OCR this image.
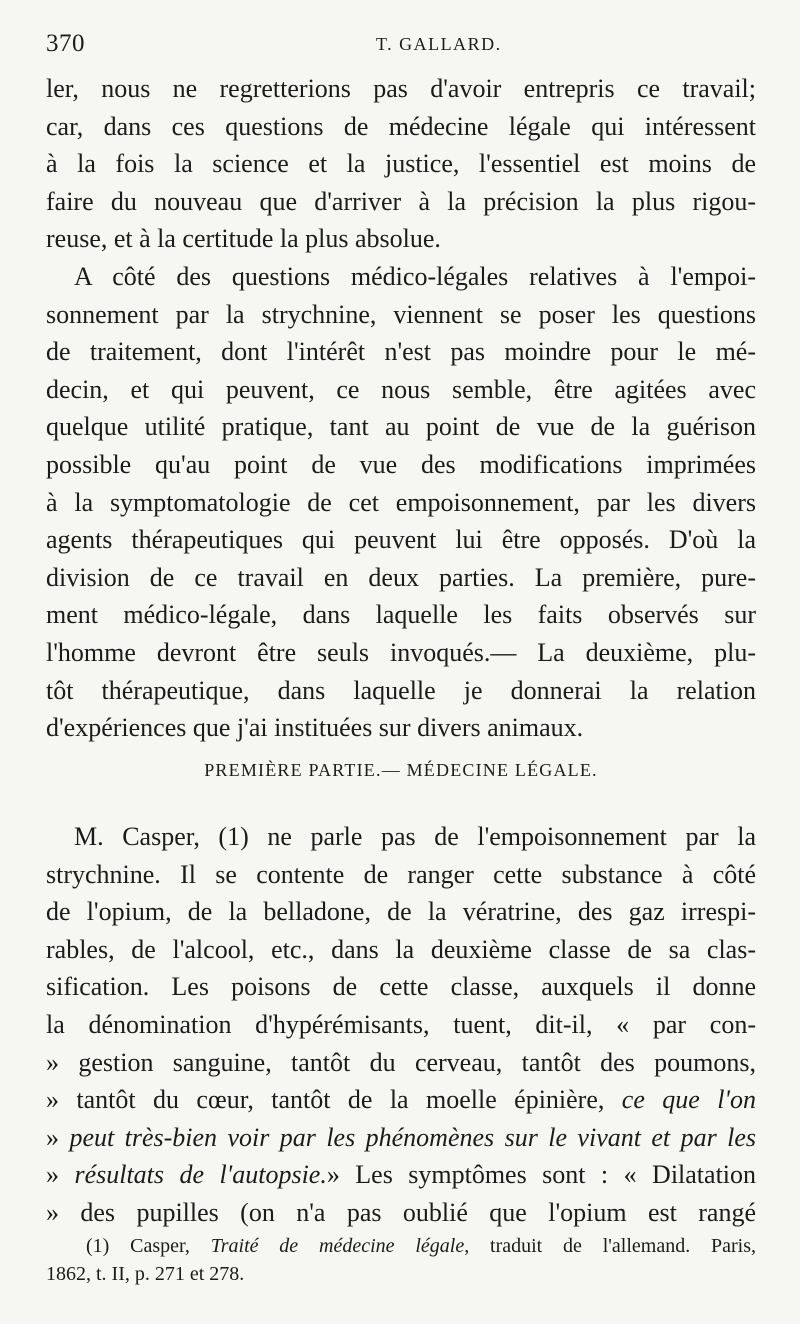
370	T. GALLARD.
ler, nous ne regretterions pas d'avoir entrepris ce travail;
car, dans ces questions de médecine légale qui intéressent
à la fois la science et la justice, l'essentiel est moins de
faire du nouveau que d'arriver à la précision la plus rigou-
reuse, et à la certitude la plus absolue.
A côté des questions médico-légales relatives à l'empoi-
sonnement par la strychnine, viennent se poser les questions
de traitement, dont l'intérêt n'est pas moindre pour le mé-
decin, et qui peuvent, ce nous semble, être agitées avec
quelque utilité pratique, tant au point de vue de la guérison
possible qu'au point de vue des modifications imprimées
à la symptomatologie de cet empoisonnement, par les divers
agents thérapeutiques qui peuvent lui être opposés. D'où la
division de ce travail en deux parties. La première, pure-
ment médico-légale, dans laquelle les faits observés sur
l'homme devront être seuls invoqués.— La deuxième, plu-
tôt thérapeutique, dans laquelle je donnerai la relation
d'expériences que j'ai instituées sur divers animaux.
PREMIÈRE PARTIE.— MÉDECINE LÉGALE.
M. Casper, (1) ne parle pas de l'empoisonnement par la
strychnine. Il se contente de ranger cette substance à côté
de l'opium, de la belladone, de la vératrine, des gaz irrespi-
rables, de l'alcool, etc., dans la deuxième classe de sa clas-
sification. Les poisons de cette classe, auxquels il donne
la dénomination d'hypérémisants, tuent, dit-il, « par con-
» gestion sanguine, tantôt du cerveau, tantôt des poumons,
» tantôt du cœur, tantôt de la moelle épinière, ce que l'on
» peut très-bien voir par les phénomènes sur le vivant et par les
» résultats de l'autopsie.» Les symptômes sont : « Dilatation
» des pupilles (on n'a pas oublié que l'opium est rangé
(1) Casper, Traité de médecine légale, traduit de l'allemand. Paris,
1862, t. II, p. 271 et 278.
